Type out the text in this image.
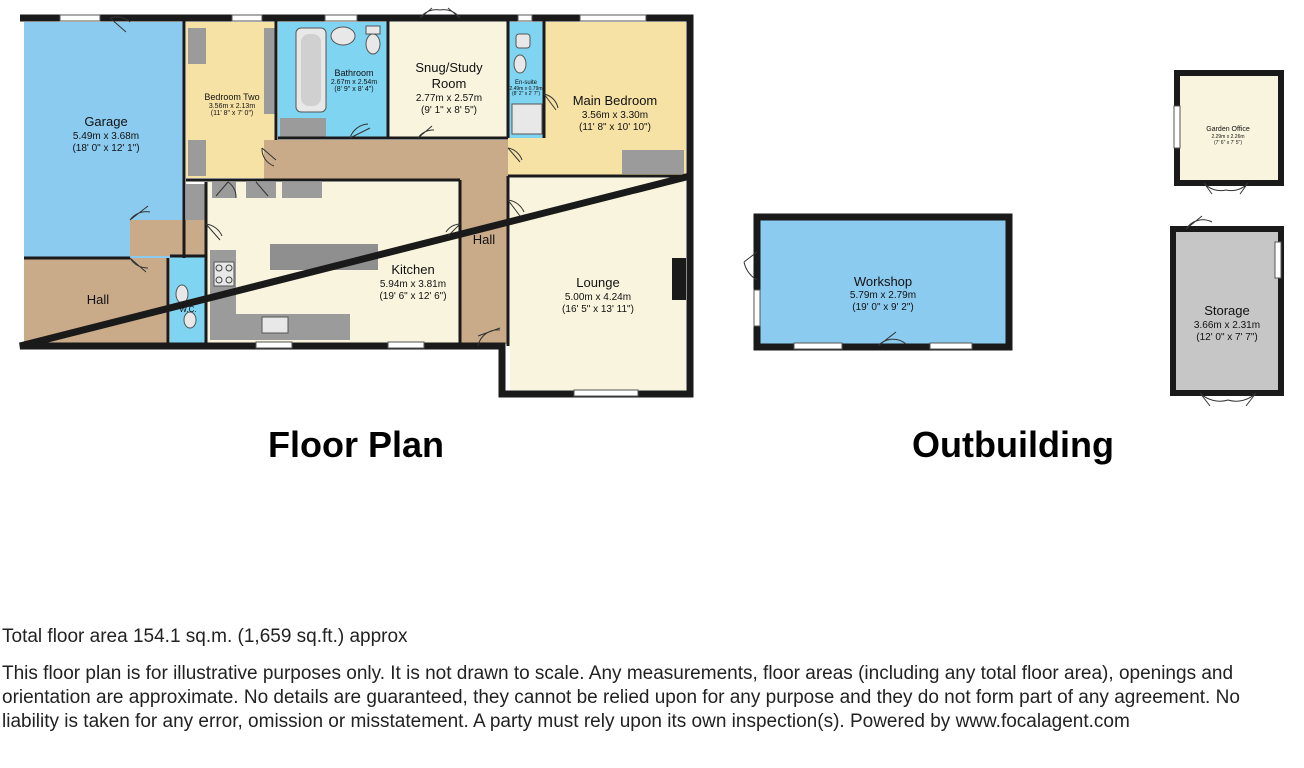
Garage
5.49m x 3.68m
(18' 0" x 12' 1")
Bedroom Two
3.56m x 2.13m
(11' 8" x 7' 0")
Bathroom
2.67m x 2.54m
(8' 9" x 8' 4")
Snug/Study
Room
2.77m x 2.57m
(9' 1" x 8' 5")
En-suite
2.49m x 0.79m
(8' 2" x 2' 7")	Main Bedroom
3.56m x 3.30m
(11' 8" x 10' 10")
Kitchen
5.94m x 3.81m
(19' 6" x 12' 6")
Hall
Hall
W.C.
Lounge
5.00m x 4.24m
(16' 5" x 13' 11")
Workshop
5.79m x 2.79m
(19' 0" x 9' 2")
Garden Office
2.29m x 2.26m
(7' 6" x 7' 5")
Storage
3.66m x 2.31m
(12' 0" x 7' 7")
Floor Plan	Outbuilding
Total floor area 154.1 sq.m. (1,659 sq.ft.) approx
This floor plan is for illustrative purposes only. It is not drawn to scale. Any measurements, floor areas (including any total floor area), openings and orientation are approximate. No details are guaranteed, they cannot be relied upon for any purpose and they do not form part of any agreement. No liability is taken for any error, omission or misstatement. A party must rely upon its own inspection(s). Powered by www.focalagent.com
